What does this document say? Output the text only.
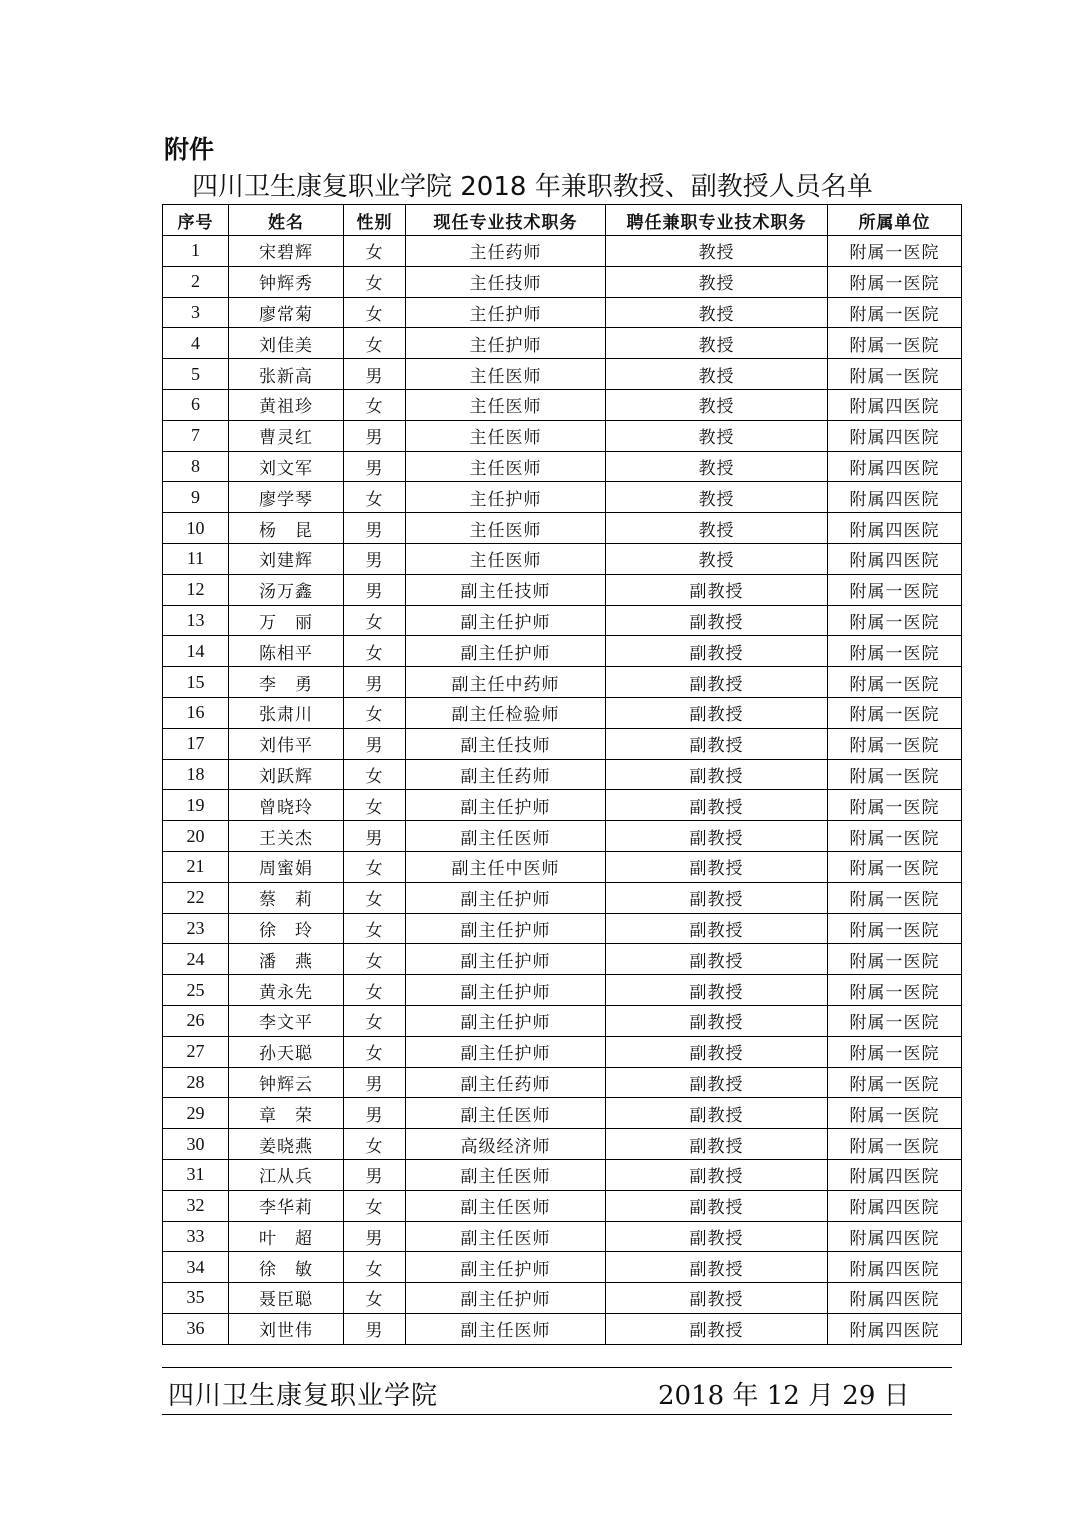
附件
四川卫生康复职业学院 2018 年兼职教授、副教授人员名单
序号	姓名	性别	现任专业技术职务	聘任兼职专业技术职务	所属单位
1	宋碧辉	女	主任药师	教授	附属一医院
2	钟辉秀	女	主任技师	教授	附属一医院
3	廖常菊	女	主任护师	教授	附属一医院
4	刘佳美	女	主任护师	教授	附属一医院
5	张新高	男	主任医师	教授	附属一医院
6	黄祖珍	女	主任医师	教授	附属四医院
7	曹灵红	男	主任医师	教授	附属四医院
8	刘文军	男	主任医师	教授	附属四医院
9	廖学琴	女	主任护师	教授	附属四医院
10	杨　昆	男	主任医师	教授	附属四医院
11	刘建辉	男	主任医师	教授	附属四医院
12	汤万鑫	男	副主任技师	副教授	附属一医院
13	万　丽	女	副主任护师	副教授	附属一医院
14	陈相平	女	副主任护师	副教授	附属一医院
15	李　勇	男	副主任中药师	副教授	附属一医院
16	张肃川	女	副主任检验师	副教授	附属一医院
17	刘伟平	男	副主任技师	副教授	附属一医院
18	刘跃辉	女	副主任药师	副教授	附属一医院
19	曾晓玲	女	副主任护师	副教授	附属一医院
20	王关杰	男	副主任医师	副教授	附属一医院
21	周蜜娟	女	副主任中医师	副教授	附属一医院
22	蔡　莉	女	副主任护师	副教授	附属一医院
23	徐　玲	女	副主任护师	副教授	附属一医院
24	潘　燕	女	副主任护师	副教授	附属一医院
25	黄永先	女	副主任护师	副教授	附属一医院
26	李文平	女	副主任护师	副教授	附属一医院
27	孙天聪	女	副主任护师	副教授	附属一医院
28	钟辉云	男	副主任药师	副教授	附属一医院
29	章　荣	男	副主任医师	副教授	附属一医院
30	姜晓燕	女	高级经济师	副教授	附属一医院
31	江从兵	男	副主任医师	副教授	附属四医院
32	李华莉	女	副主任医师	副教授	附属四医院
33	叶　超	男	副主任医师	副教授	附属四医院
34	徐　敏	女	副主任护师	副教授	附属四医院
35	聂臣聪	女	副主任护师	副教授	附属四医院
36	刘世伟	男	副主任医师	副教授	附属四医院
四川卫生康复职业学院	2018 年 12 月 29 日
